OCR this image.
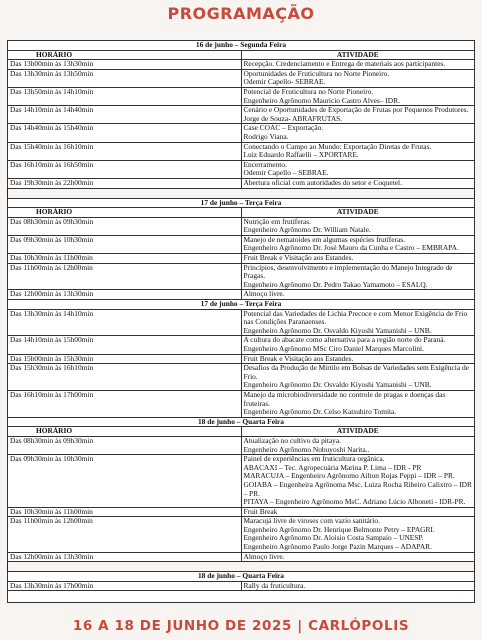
PROGRAMAÇÃO
16 de junho – Segunda Feira	
HORÁRIO	ATIVIDADE
Das 13h00min às 13h30min	Recepção. Credenciamento e Entrega de materiais aos participantes.

Das 13h30min às 13h50min	Oportunidades de Fruticultura no Norte Pioneiro.
Odemir Capello- SEBRAE.

Das 13h50min às 14h10min	Potencial de Fruticultura no Norte Pioneiro.
Engenheiro Agrônomo Mauricio Castro Alves– IDR.

Das 14h10min às 14h40min	Cenário e Oportunidades de Exportação de Frutas por Pequenos Produtores.
Jorge de Souza- ABRAFRUTAS.

Das 14h40min às 15h40min	Case COAC – Exportação.
Rodrigo Viana.

Das 15h40min às 16h10min	Conectando o Campo ao Mundo: Exportação Diretas de Frutas.
Luiz Eduardo Raffaelli – XPORTARE.

Das 16h10min às 16h50min	Encerramento.
Odemir Capello – SEBRAE.

Das 19h30min às 22h00min	Abertura oficial com autoridades do setor e Coquetel.

17 de junho – Terça Feira	
HORÁRIO	ATIVIDADE
Das 08h30min às 09h30min	Nutrição em frutíferas.
Engenheiro Agrônomo Dr. William Natale.

Das 09h30min às 10h30min	Manejo de nematoides em algumas espécies frutíferas.
Engenheiro Agrônomo Dr. José Mauro da Cunha e Castro – EMBRAPA.

Das 10h30min às 11h00min	Fruit Break e Visitação aos Estandes.

Das 11h00min às 12h00min	Princípios, desenvolvimento e implementação do Manejo Integrado de Pragas.
Engenheiro Agrônomo Dr. Pedro Takao Yamamoto – ESALQ.

Das 12h00min às 13h30min	Almoço livre.

17 de junho – Terça Feira	
Das 13h30min às 14h10min	Potencial das Variedades de Lichia Precoce e com Menor Exigência de Frio nas Condições Paranaenses.
Engenheiro Agrônomo Dr. Osvaldo Kiyoshi Yamanishi – UNB.

Das 14h10min às 15h00min	A cultura do abacate como alternativa para a região norte do Paraná.
Engenheiro Agrônomo MSc Ciro Daniel Marques Marcolini.

Das 15h00min às 15h30min	Fruit Break e Visitação aos Estandes.

Das 15h30min às 16h10min	Desafios da Produção de Mirtilo em Bolsas de Variedades sem Exigência de Frio.
Engenheiro Agrônomo Dr. Osvaldo Kiyoshi Yamanishi – UNB.

Das 16h10min às 17h00min	Manejo da microbiodiversidade no controle de pragas e doenças das fruteiras.
Engenheiro Agrônomo Dr. Celso Katsuhiro Tomita.

18 de junho – Quarta Feira	
HORÁRIO	ATIVIDADE
Das 08h30min às 09h30min	Atualização no cultivo da pitaya.
Engenheiro Agrônomo Nobuyoshi Narita..

Das 09h30min às 10h30min	Painel de experiências em fruticultura orgânica.
ABACAXI – Tec. Agropecuária Marina P. Lima – IDR - PR
MARACUJA – Engenheiro Agrônomo Ailton Rojas Peppi – IDR – PR.
GOIABA – Engenheira Agrônoma Msc. Luiza Rocha Ribeiro Calixtro – IDR – PR.
PITAYA – Engenheiro Agrônomo MsC. Adriano Lúcio Alboneti - IDR-PR.

Das 10h30min às 11h00min	Fruit Break

Das 11h00min às 12h00min	Maracujá livre de viroses com vazio sanitário.
Engenheiro Agrônomo Dr. Henrique Belmonte Petry – EPAGRI.
Engenheiro Agrônomo Dr. Aloisio Costa Sampaio – UNESP.
Engenheiro Agrônomo Paulo Jorge Pazin Marques – ADAPAR.

Das 12h00min às 13h30min	Almoço livre.

18 de junho – Quarta Feira	
Das 13h30min às 17h00min	Rally da fruticultura.

16 A 18 DE JUNHO DE 2025 | CARLÓPOLIS
